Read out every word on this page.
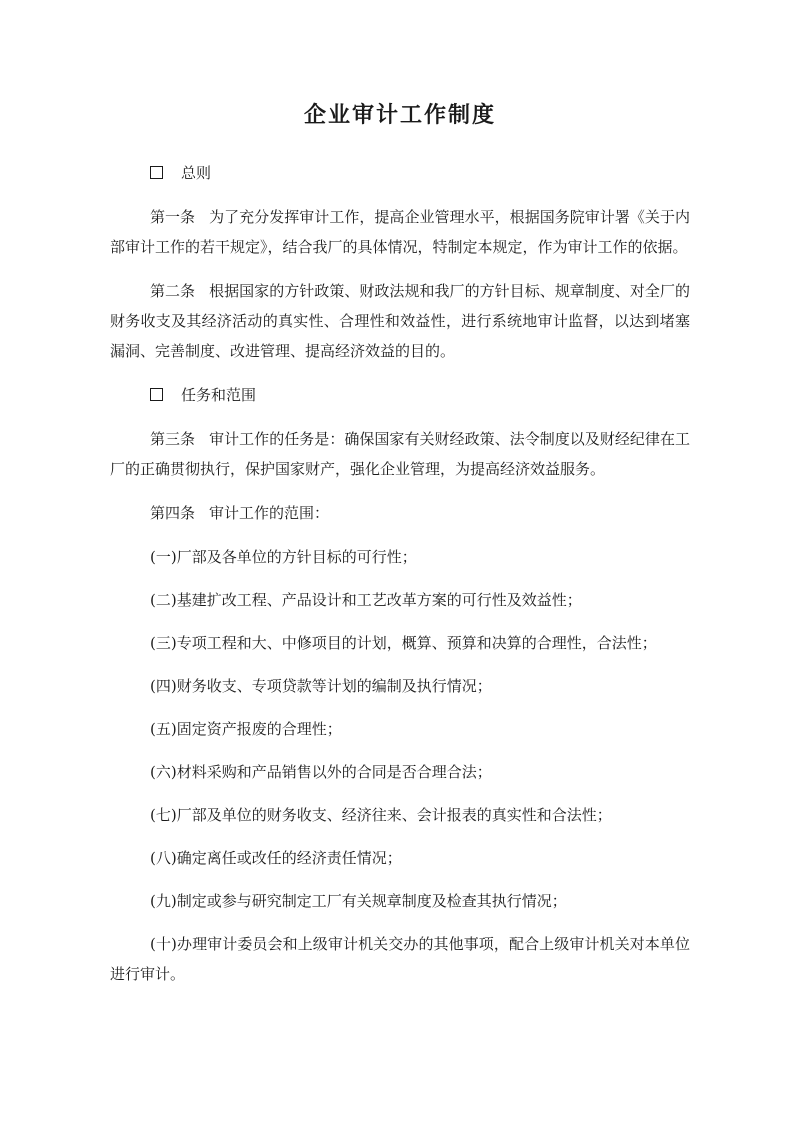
企业审计工作制度
总则

第一条 为了充分发挥审计工作，提高企业管理水平，根据国务院审计署《关于内部审计工作的若干规定》，结合我厂的具体情况，特制定本规定，作为审计工作的依据。

第二条 根据国家的方针政策、财政法规和我厂的方针目标、规章制度、对全厂的财务收支及其经济活动的真实性、合理性和效益性，进行系统地审计监督，以达到堵塞漏洞、完善制度、改进管理、提高经济效益的目的。

任务和范围

第三条 审计工作的任务是：确保国家有关财经政策、法令制度以及财经纪律在工厂的正确贯彻执行，保护国家财产，强化企业管理，为提高经济效益服务。

第四条 审计工作的范围：

(一)厂部及各单位的方针目标的可行性；

(二)基建扩改工程、产品设计和工艺改革方案的可行性及效益性；

(三)专项工程和大、中修项目的计划，概算、预算和决算的合理性，合法性；

(四)财务收支、专项贷款等计划的编制及执行情况；

(五)固定资产报废的合理性；

(六)材料采购和产品销售以外的合同是否合理合法；

(七)厂部及单位的财务收支、经济往来、会计报表的真实性和合法性；

(八)确定离任或改任的经济责任情况；

(九)制定或参与研究制定工厂有关规章制度及检查其执行情况；

(十)办理审计委员会和上级审计机关交办的其他事项，配合上级审计机关对本单位进行审计。
